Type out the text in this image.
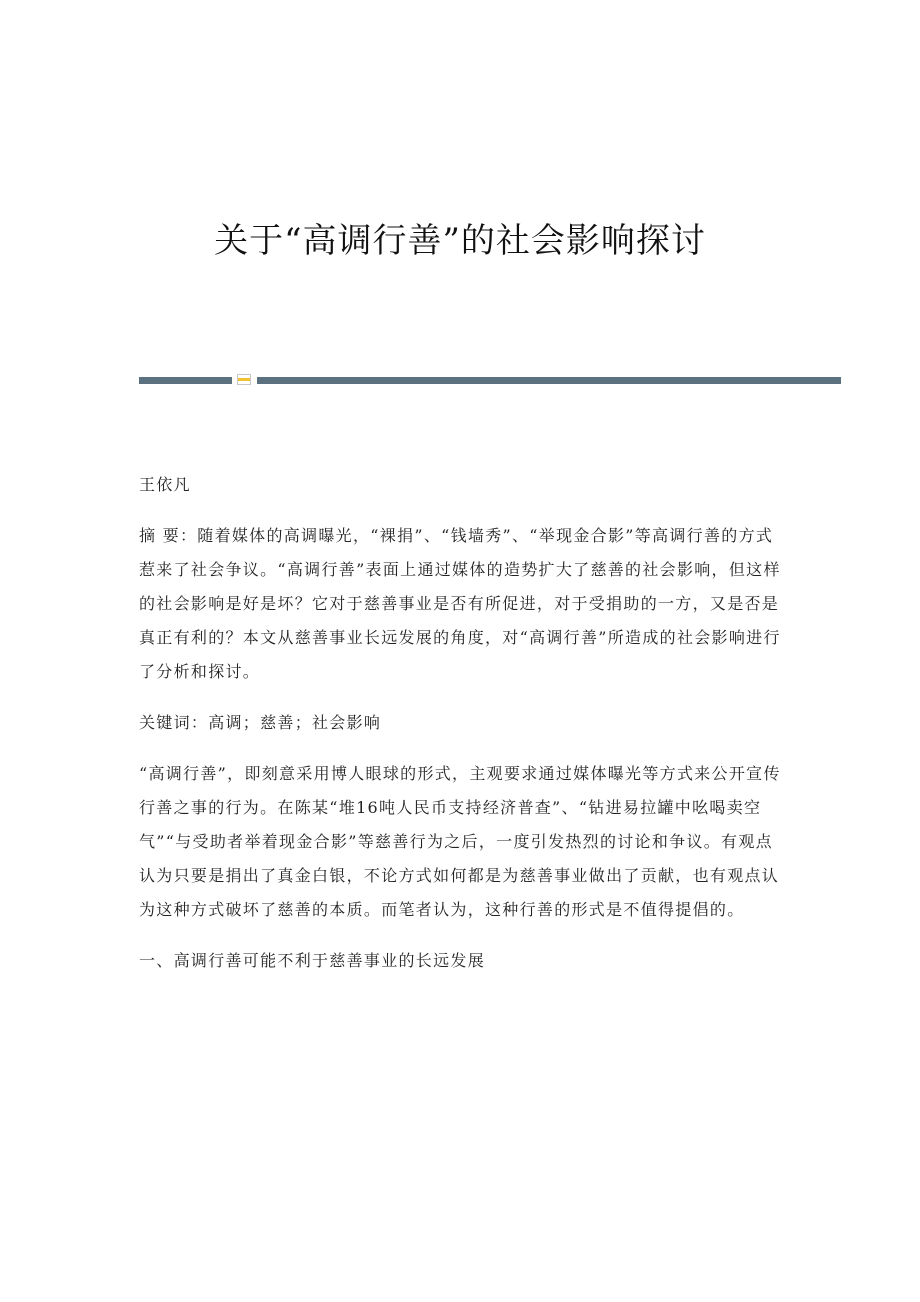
关于“高调行善”的社会影响探讨

王依凡

摘 要：随着媒体的高调曝光，“裸捐”、“钱墙秀”、“举现金合影”等高调行善的方式惹来了社会争议。“高调行善”表面上通过媒体的造势扩大了慈善的社会影响，但这样的社会影响是好是坏？它对于慈善事业是否有所促进，对于受捐助的一方，又是否是真正有利的？本文从慈善事业长远发展的角度，对“高调行善”所造成的社会影响进行了分析和探讨。

关键词：高调；慈善；社会影响

“高调行善”，即刻意采用博人眼球的形式，主观要求通过媒体曝光等方式来公开宣传行善之事的行为。在陈某“堆16吨人民币支持经济普查”、“钻进易拉罐中吆喝卖空气”“与受助者举着现金合影”等慈善行为之后，一度引发热烈的讨论和争议。有观点认为只要是捐出了真金白银，不论方式如何都是为慈善事业做出了贡献，也有观点认为这种方式破坏了慈善的本质。而笔者认为，这种行善的形式是不值得提倡的。

一、高调行善可能不利于慈善事业的长远发展
